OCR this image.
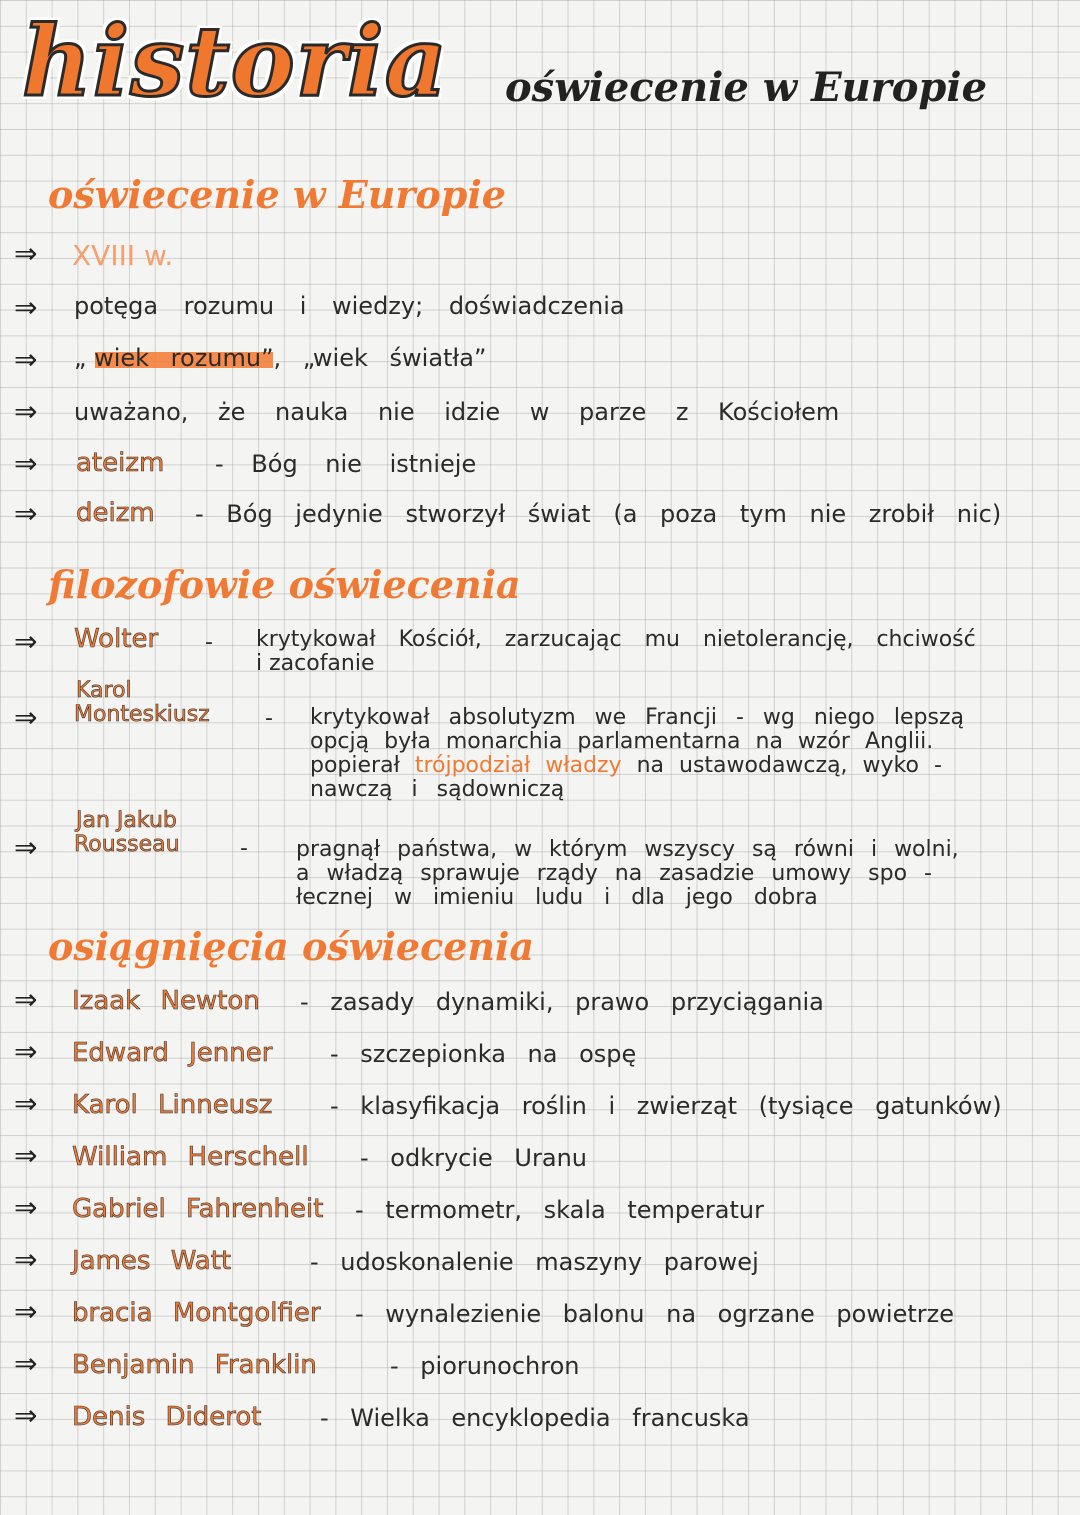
historia oświecenie w Europie
oświecenie w Europie
⇒ XVIII w.
⇒ potęga rozumu i wiedzy; doświadczenia
⇒ „ wiek rozumu”, „wiek światła”
⇒ uważano, że nauka nie idzie w parze z Kościołem
⇒ ateizm - Bóg nie istnieje
⇒ deizm - Bóg jedynie stworzył świat (a poza tym nie zrobił nic)
filozofowie oświecenia
⇒ Wolter - krytykował Kościół, zarzucając mu nietolerancję, chciwość
i zacofanie
Karol
⇒ Monteskiusz	- krytykował absolutyzm we Francji - wg niego lepszą
opcją była monarchia parlamentarna na wzór Anglii.
popierał trójpodział władzy na ustawodawczą, wyko -
nawczą i sądowniczą
Jan Jakub
⇒ Rousseau	- pragnął państwa, w którym wszyscy są równi i wolni,
a władzą sprawuje rządy na zasadzie umowy spo -
łecznej w imieniu ludu i dla jego dobra
osiągnięcia oświecenia
⇒ Izaak Newton - zasady dynamiki, prawo przyciągania
⇒ Edward Jenner - szczepionka na ospę
⇒ Karol Linneusz - klasyfikacja roślin i zwierząt (tysiące gatunków)
⇒ William Herschell - odkrycie Uranu
⇒ Gabriel Fahrenheit - termometr, skala temperatur
⇒ James Watt	- udoskonalenie maszyny parowej
⇒ bracia Montgolfier - wynalezienie balonu na ogrzane powietrze
⇒ Benjamin Franklin	- piorunochron
⇒ Denis Diderot - Wielka encyklopedia francuska
